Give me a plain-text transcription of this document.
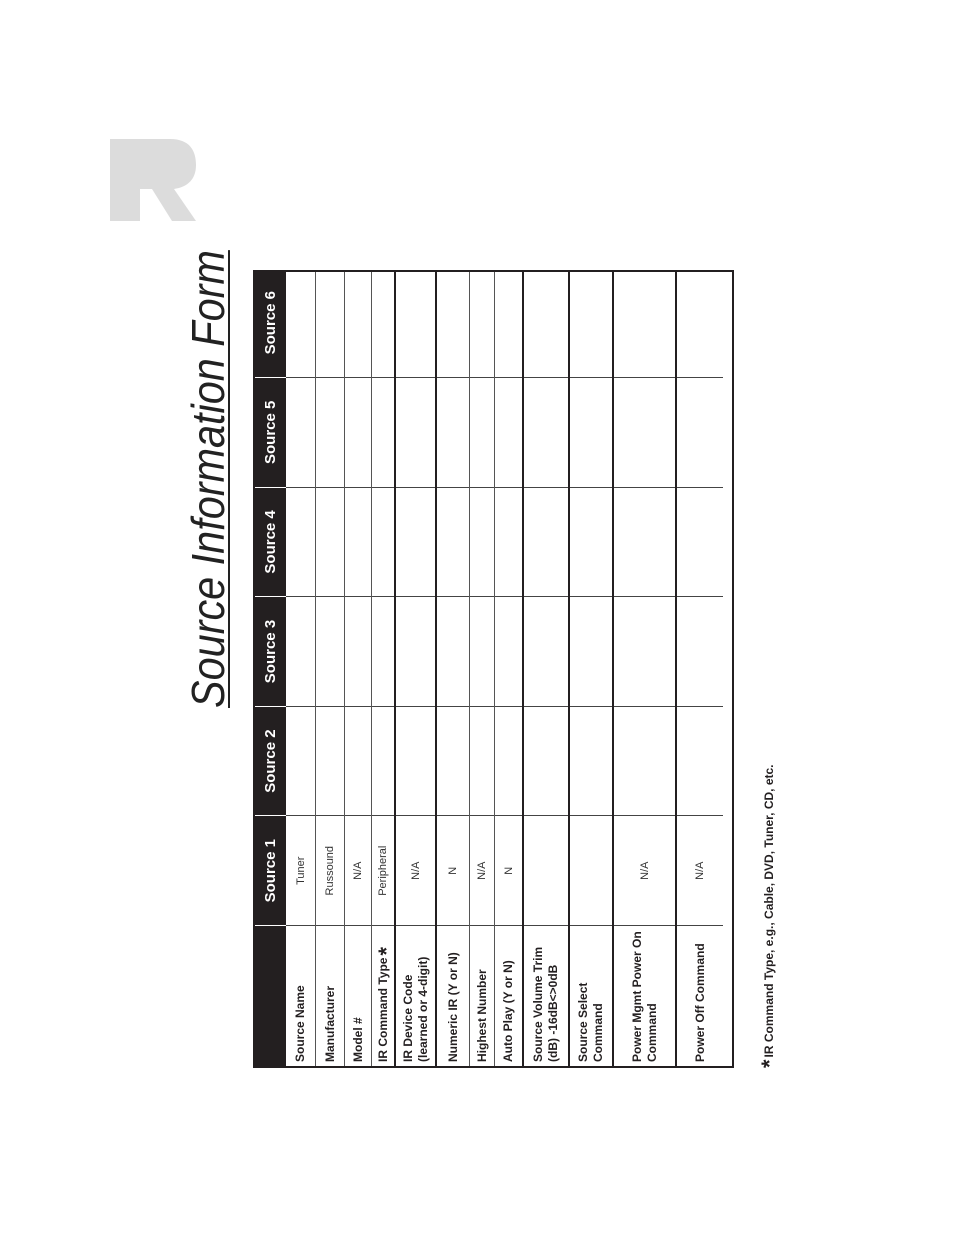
Source Information Form
Source 1
Source 2
Source 3
Source 4
Source 5
Source 6
Source Name
Tuner
Manufacturer
Russound
Model #
N/A
IR Command Type
*
Peripheral
IR Device Code (learned or 4-digit)
N/A
Numeric IR (Y or N)
N
Highest Number
N/A
Auto Play (Y or N)
N
Source Volume Trim (dB) -16dB<>0dB Source Select Command Power Mgmt Power On Command
N/A
Power Off Command
N/A
*IR Command Type, e.g., Cable, DVD, Tuner, CD, etc.
